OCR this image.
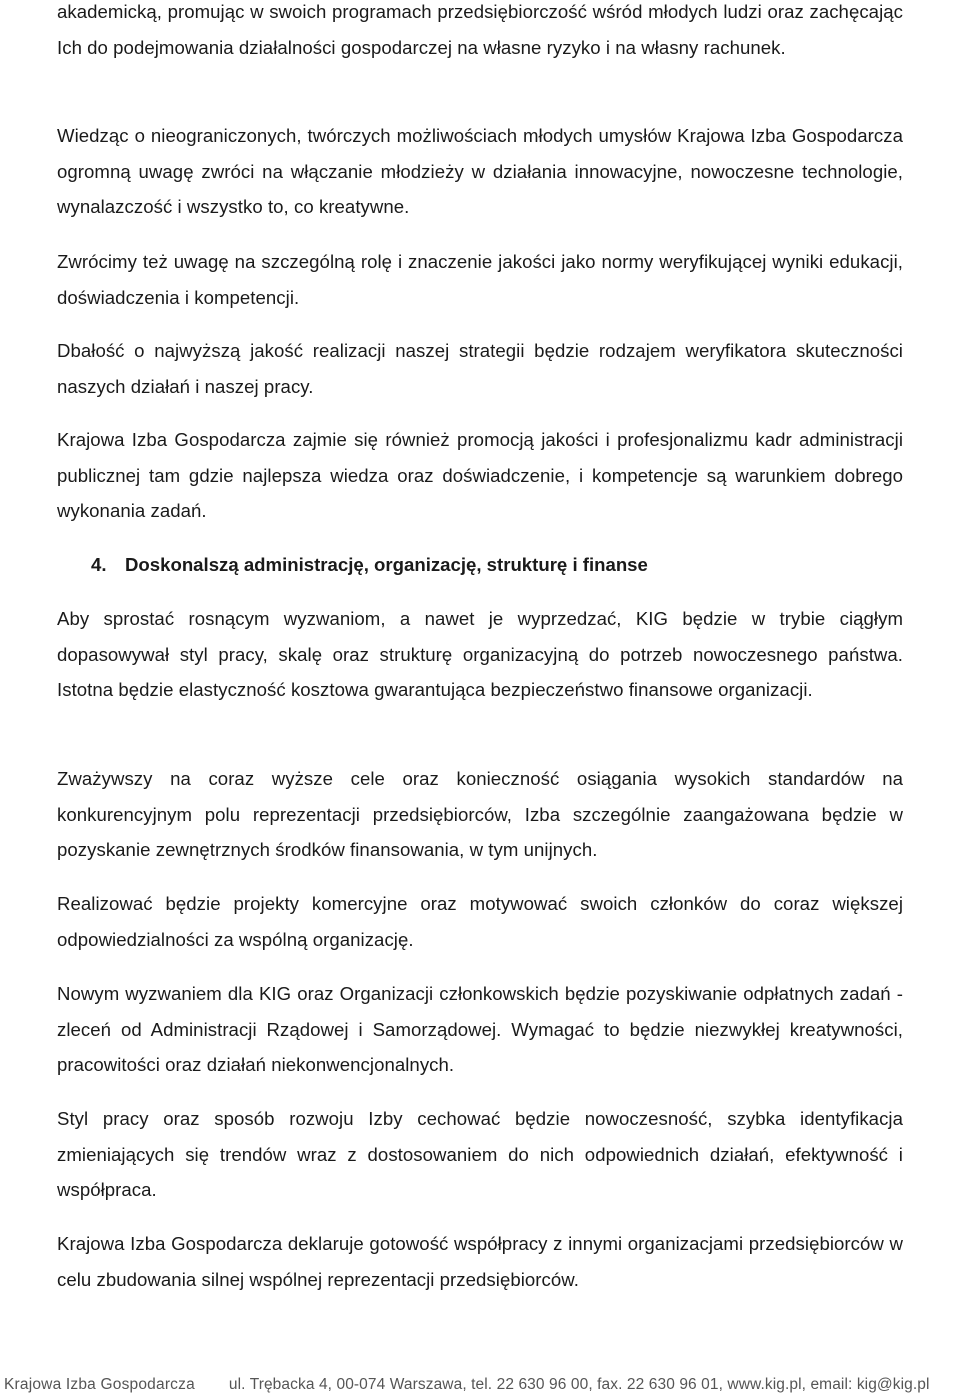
akademicką, promując w swoich programach przedsiębiorczość wśród młodych ludzi oraz zachęcając Ich do podejmowania działalności gospodarczej na własne ryzyko i na własny rachunek.

Wiedząc o nieograniczonych, twórczych możliwościach młodych umysłów Krajowa Izba Gospodarcza ogromną uwagę zwróci na włączanie młodzieży w działania innowacyjne, nowoczesne technologie, wynalazczość i wszystko to, co kreatywne.

Zwrócimy też uwagę na szczególną rolę i znaczenie jakości jako normy weryfikującej wyniki edukacji, doświadczenia i kompetencji.

Dbałość o najwyższą jakość realizacji naszej strategii będzie rodzajem weryfikatora skuteczności naszych działań i naszej pracy.

Krajowa Izba Gospodarcza zajmie się również promocją jakości i profesjonalizmu kadr administracji publicznej tam gdzie najlepsza wiedza oraz doświadczenie, i kompetencje są warunkiem dobrego wykonania zadań.

4. Doskonalszą administrację, organizację, strukturę i finanse

Aby sprostać rosnącym wyzwaniom, a nawet je wyprzedzać, KIG będzie w trybie ciągłym dopasowywał styl pracy, skalę oraz strukturę organizacyjną do potrzeb nowoczesnego państwa. Istotna będzie elastyczność kosztowa gwarantująca bezpieczeństwo finansowe organizacji.

Zważywszy na coraz wyższe cele oraz konieczność osiągania wysokich standardów na konkurencyjnym polu reprezentacji przedsiębiorców, Izba szczególnie zaangażowana będzie w pozyskanie zewnętrznych środków finansowania, w tym unijnych.

Realizować będzie projekty komercyjne oraz motywować swoich członków do coraz większej odpowiedzialności za wspólną organizację.

Nowym wyzwaniem dla KIG oraz Organizacji członkowskich będzie pozyskiwanie odpłatnych zadań - zleceń od Administracji Rządowej i Samorządowej. Wymagać to będzie niezwykłej kreatywności, pracowitości oraz działań niekonwencjonalnych.

Styl pracy oraz sposób rozwoju Izby cechować będzie nowoczesność, szybka identyfikacja zmieniających się trendów wraz z dostosowaniem do nich odpowiednich działań, efektywność i współpraca.

Krajowa Izba Gospodarcza deklaruje gotowość współpracy z innymi organizacjami przedsiębiorców w celu zbudowania silnej wspólnej reprezentacji przedsiębiorców.

Krajowa Izba Gospodarcza	ul. Trębacka 4, 00-074 Warszawa, tel. 22 630 96 00, fax. 22 630 96 01, www.kig.pl, email: kig@kig.pl
